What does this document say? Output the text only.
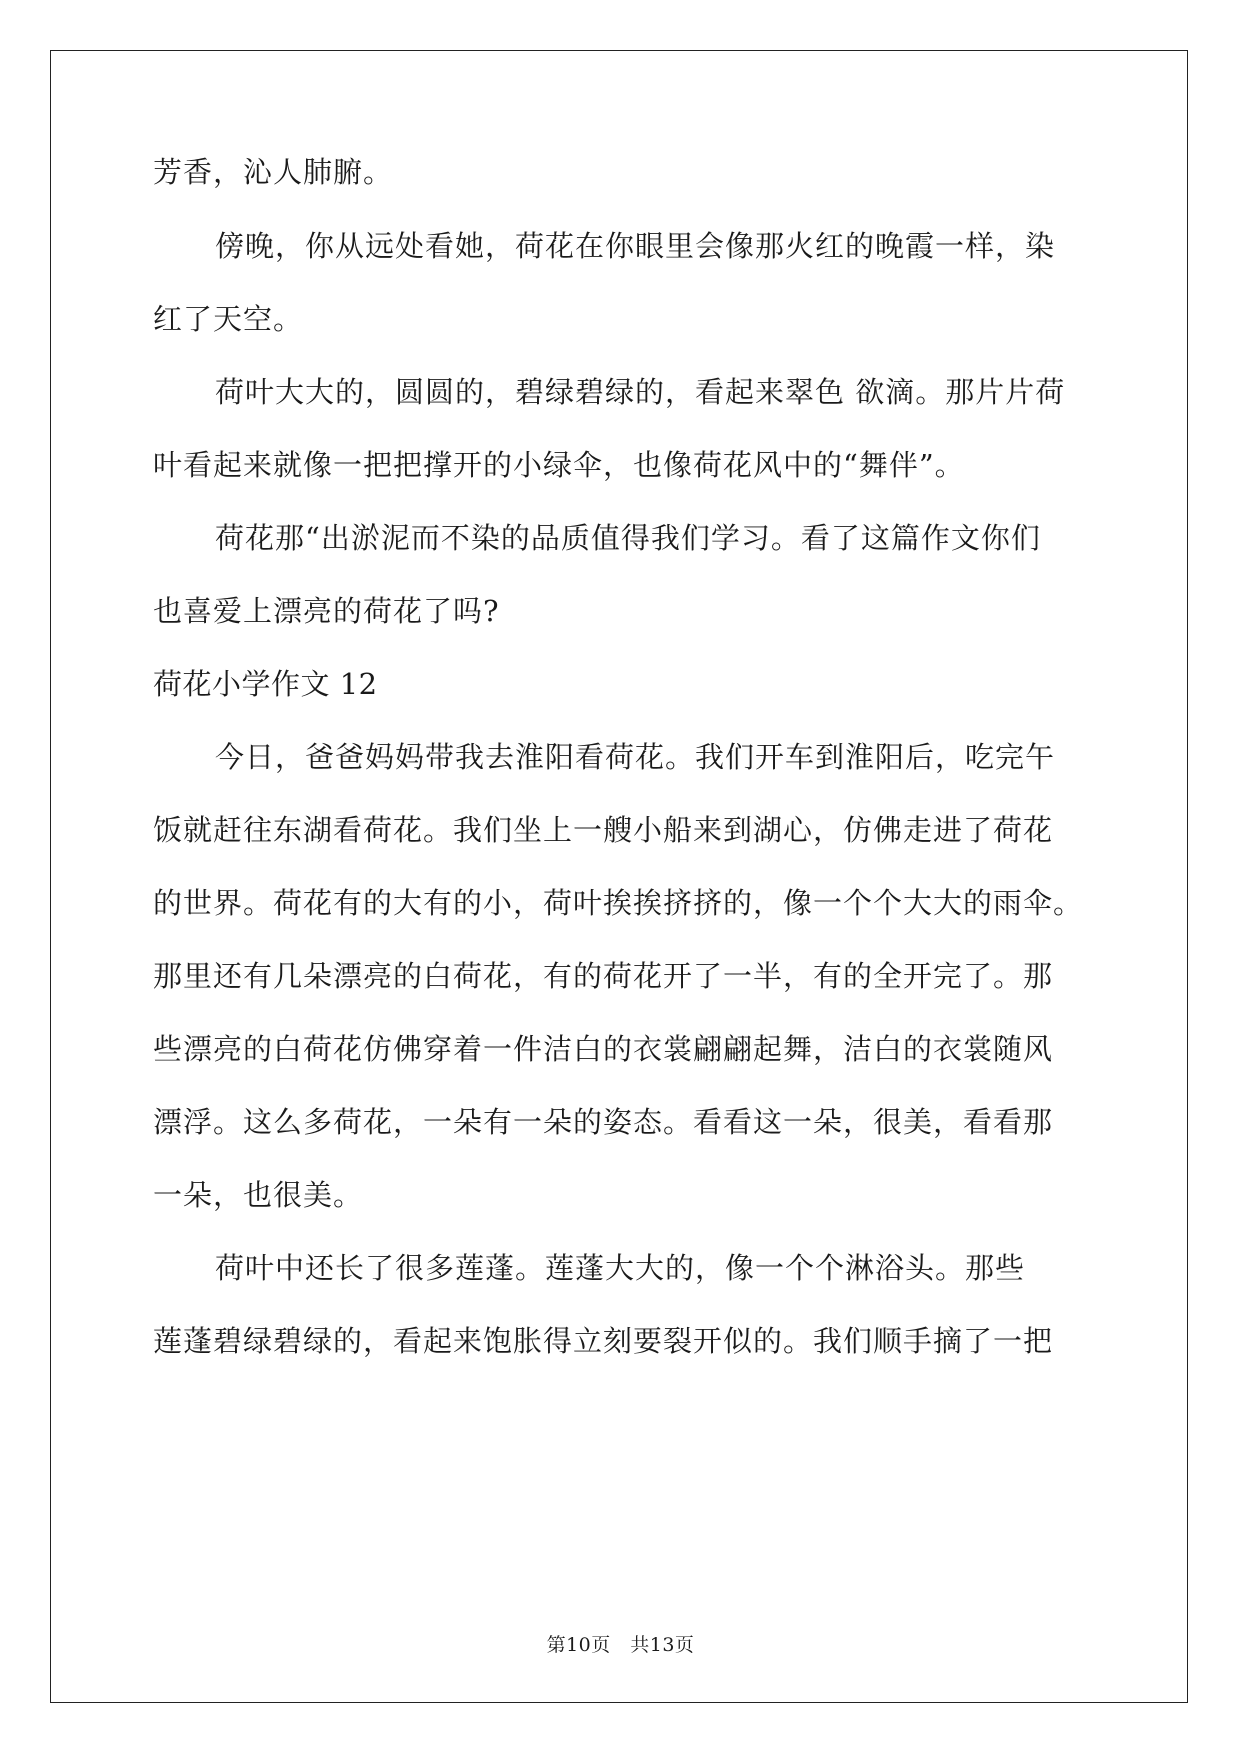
芳香，沁人肺腑。
傍晚，你从远处看她，荷花在你眼里会像那火红的晚霞一样，染
红了天空。
荷叶大大的，圆圆的，碧绿碧绿的，看起来翠色 欲滴。那片片荷
叶看起来就像一把把撑开的小绿伞，也像荷花风中的“舞伴”。
荷花那“出淤泥而不染的品质值得我们学习。看了这篇作文你们
也喜爱上漂亮的荷花了吗?
荷花小学作文 12
今日，爸爸妈妈带我去淮阳看荷花。我们开车到淮阳后，吃完午
饭就赶往东湖看荷花。我们坐上一艘小船来到湖心，仿佛走进了荷花
的世界。荷花有的大有的小，荷叶挨挨挤挤的，像一个个大大的雨伞。
那里还有几朵漂亮的白荷花，有的荷花开了一半，有的全开完了。那
些漂亮的白荷花仿佛穿着一件洁白的衣裳翩翩起舞，洁白的衣裳随风
漂浮。这么多荷花，一朵有一朵的姿态。看看这一朵，很美，看看那
一朵，也很美。
荷叶中还长了很多莲蓬。莲蓬大大的，像一个个淋浴头。那些
莲蓬碧绿碧绿的，看起来饱胀得立刻要裂开似的。我们顺手摘了一把
第10页　共13页
